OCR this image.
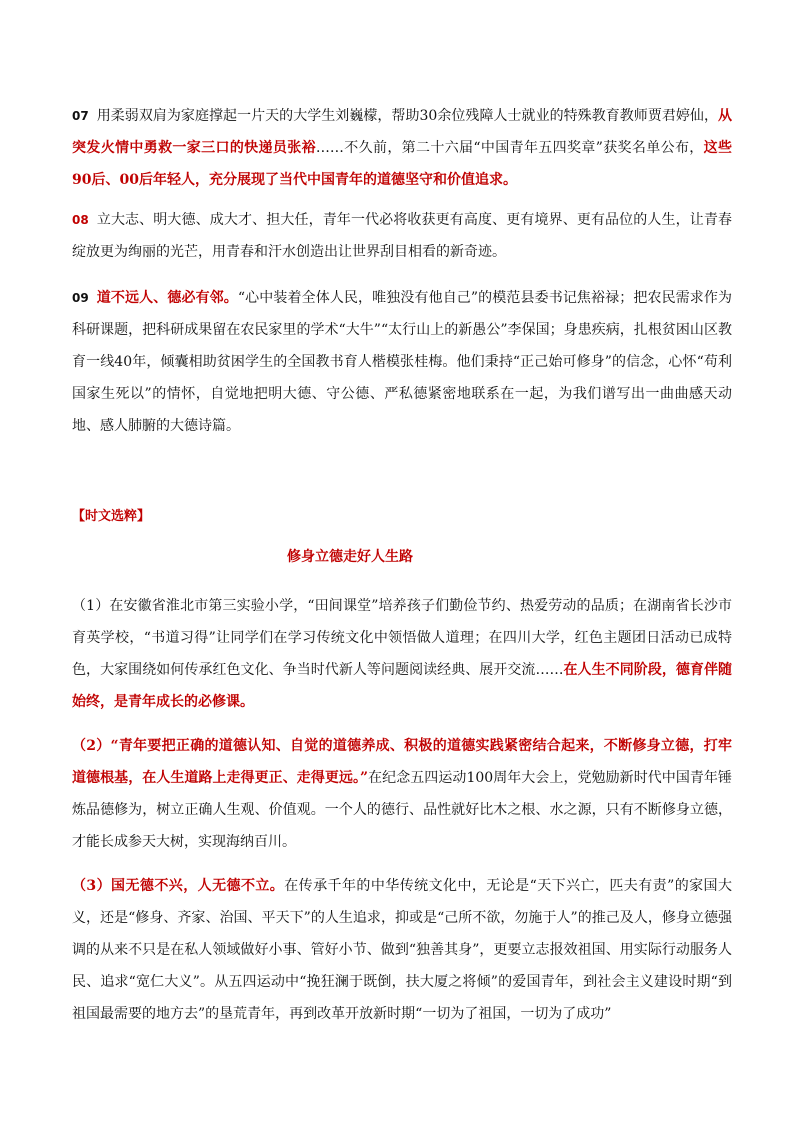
07 用柔弱双肩为家庭撑起一片天的大学生刘巍檬，帮助30余位残障人士就业的特殊教育教师贾君婷仙，从突发火情中勇救一家三口的快递员张裕……不久前，第二十六届“中国青年五四奖章”获奖名单公布，这些90后、00后年轻人，充分展现了当代中国青年的道德坚守和价值追求。

08 立大志、明大德、成大才、担大任，青年一代必将收获更有高度、更有境界、更有品位的人生，让青春绽放更为绚丽的光芒，用青春和汗水创造出让世界刮目相看的新奇迹。

09 道不远人、德必有邻。“心中装着全体人民，唯独没有他自己”的模范县委书记焦裕禄；把农民需求作为科研课题，把科研成果留在农民家里的学术“大牛”“太行山上的新愚公”李保国；身患疾病，扎根贫困山区教育一线40年，倾囊相助贫困学生的全国教书育人楷模张桂梅。他们秉持“正己始可修身”的信念，心怀“苟利国家生死以”的情怀，自觉地把明大德、守公德、严私德紧密地联系在一起，为我们谱写出一曲曲感天动地、感人肺腑的大德诗篇。

【时文选粹】
修身立德走好人生路

（1）在安徽省淮北市第三实验小学，“田间课堂”培养孩子们勤俭节约、热爱劳动的品质；在湖南省长沙市育英学校，“书道习得”让同学们在学习传统文化中领悟做人道理；在四川大学，红色主题团日活动已成特色，大家围绕如何传承红色文化、争当时代新人等问题阅读经典、展开交流……在人生不同阶段，德育伴随始终，是青年成长的必修课。

（2）“青年要把正确的道德认知、自觉的道德养成、积极的道德实践紧密结合起来，不断修身立德，打牢道德根基，在人生道路上走得更正、走得更远。”在纪念五四运动100周年大会上，党勉励新时代中国青年锤炼品德修为，树立正确人生观、价值观。一个人的德行、品性就好比木之根、水之源，只有不断修身立德，才能长成参天大树，实现海纳百川。

（3）国无德不兴，人无德不立。在传承千年的中华传统文化中，无论是“天下兴亡，匹夫有责”的家国大义，还是“修身、齐家、治国、平天下”的人生追求，抑或是“己所不欲，勿施于人”的推己及人，修身立德强调的从来不只是在私人领域做好小事、管好小节、做到“独善其身”，更要立志报效祖国、用实际行动服务人民、追求“宽仁大义”。从五四运动中“挽狂澜于既倒，扶大厦之将倾”的爱国青年，到社会主义建设时期“到祖国最需要的地方去”的垦荒青年，再到改革开放新时期“一切为了祖国，一切为了成功”
